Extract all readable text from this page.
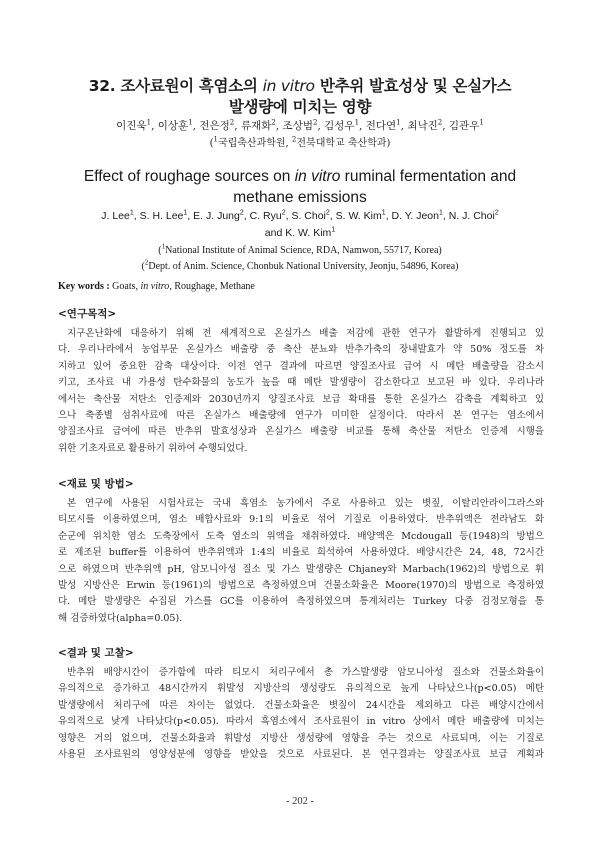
32. 조사료원이 흑염소의 in vitro 반추위 발효성상 및 온실가스
발생량에 미치는 영향
이진욱$^1$, 이상훈$^1$, 전은정$^2$, 류재화$^2$, 조상범$^2$, 김성우$^1$, 전다연$^1$, 최낙진$^2$, 김관우$^1$
($^1$국립축산과학원, $^2$전북대학교 축산학과)
Effect of roughage sources on in vitro ruminal fermentation and
methane emissions
J. Lee$^1$, S. H. Lee$^1$, E. J. Jung$^2$, C. Ryu$^2$, S. Choi$^2$, S. W. Kim$^1$, D. Y. Jeon$^1$, N. J. Choi$^2$
and K. W. Kim$^1$
($^1$National Institute of Animal Science, RDA, Namwon, 55717, Korea)
($^2$Dept. of Anim. Science, Chonbuk National University, Jeonju, 54896, Korea)
Key words : Goats, in vitro, Roughage, Methane
<연구목적>
지구온난화에 대응하기 위해 전 세계적으로 온실가스 배출 저감에 관한 연구가 활발하게 진행되고 있
다. 우리나라에서 농업부문 온실가스 배출량 중 축산 분뇨와 반추가축의 장내발효가 약 50% 정도를 차
지하고 있어 중요한 감축 대상이다. 이전 연구 결과에 따르면 양질조사료 급여 시 메탄 배출량을 감소시
키고, 조사료 내 가용성 탄수화물의 농도가 높을 때 메탄 발생량이 감소한다고 보고된 바 있다. 우리나라
에서는 축산물 저탄소 인증제와 2030년까지 양질조사료 보급 확대를 통한 온실가스 감축을 계획하고 있
으나 축종별 섬취사료에 따른 온실가스 배출량에 연구가 미미한 실정이다. 따라서 본 연구는 염소에서
양질조사료 급여에 따른 반추위 발효성상과 온실가스 배출량 비교를 통해 축산물 저탄소 인증제 시행을
위한 기초자료로 활용하기 위하여 수행되었다.
<재료 및 방법>
본 연구에 사용된 시험사료는 국내 흑염소 농가에서 주로 사용하고 있는 볏짚, 이탈리안라이그라스와
티모시를 이용하였으며, 염소 배합사료와 9:1의 비율로 섞어 기질로 이용하였다. 반추위액은 전라남도 화
순군에 위치한 염소 도축장에서 도축 염소의 위액을 채취하였다. 배양액은 Mcdougall 등(1948)의 방법으
로 제조된 buffer를 이용하여 반추위액과 1:4의 비율로 희석하여 사용하였다. 배양시간은 24, 48, 72시간
으로 하였으며 반추위액 pH, 암모니아성 질소 및 가스 발생량은 Chjaney와 Marbach(1962)의 방법으로 휘
발성 지방산은 Erwin 등(1961)의 방법으로 측정하였으며 건물소화율은 Moore(1970)의 방법으로 측정하였
다. 메탄 발생량은 수집된 가스를 GC를 이용하여 측정하였으며 통계처리는 Turkey 다중 검정모형을 통
해 검증하였다(alpha=0.05).
<결과 및 고찰>
반추위 배양시간이 증가함에 따라 티모시 처리구에서 총 가스발생량 암모니아성 질소와 건물소화율이
유의적으로 증가하고 48시간까지 휘발성 지방산의 생성량도 유의적으로 높게 나타났으나(p<0.05) 메탄
발생량에서 처리구에 따른 차이는 없었다. 건물소화율은 볏짚이 24시간을 제외하고 다른 배양시간에서
유의적으로 낮게 나타났다(p<0.05). 따라서 흑염소에서 조사료원이 in vitro 상에서 메탄 배출량에 미치는
영향은 거의 없으며, 건물소화율과 휘발성 지방산 생성량에 영향을 주는 것으로 사료되며, 이는 기질로
사용된 조사료원의 영양성분에 영향을 받았을 것으로 사료된다. 본 연구결과는 양질조사료 보급 계획과
- 202 -
